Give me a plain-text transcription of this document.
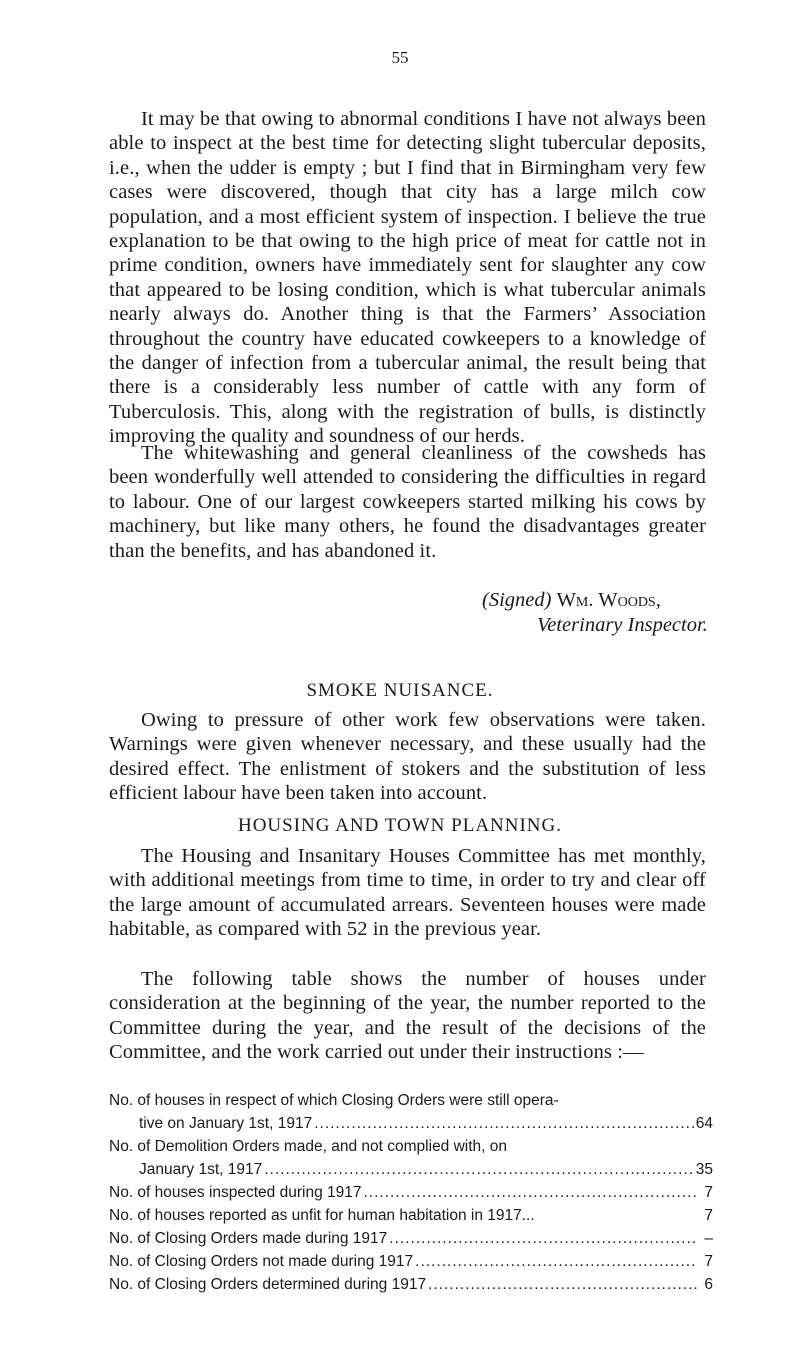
55

It may be that owing to abnormal conditions I have not always been able to inspect at the best time for detecting slight tubercular deposits, i.e., when the udder is empty ; but I find that in Birmingham very few cases were discovered, though that city has a large milch cow population, and a most efficient system of inspection. I believe the true explanation to be that owing to the high price of meat for cattle not in prime condition, owners have immediately sent for slaughter any cow that appeared to be losing condition, which is what tubercular animals nearly always do. Another thing is that the Farmers’ Association throughout the country have educated cowkeepers to a knowledge of the danger of infection from a tubercular animal, the result being that there is a considerably less number of cattle with any form of Tuberculosis. This, along with the registration of bulls, is distinctly improving the quality and soundness of our herds.

The whitewashing and general cleanliness of the cowsheds has been wonderfully well attended to considering the difficulties in regard to labour. One of our largest cowkeepers started milking his cows by machinery, but like many others, he found the disadvantages greater than the benefits, and has abandoned it.

(Signed) Wm. Woods,
Veterinary Inspector.
SMOKE NUISANCE.

Owing to pressure of other work few observations were taken. Warnings were given whenever necessary, and these usually had the desired effect. The enlistment of stokers and the substitution of less efficient labour have been taken into account.

HOUSING AND TOWN PLANNING.

The Housing and Insanitary Houses Committee has met monthly, with additional meetings from time to time, in order to try and clear off the large amount of accumulated arrears. Seventeen houses were made habitable, as compared with 52 in the previous year.

The following table shows the number of houses under consideration at the beginning of the year, the number reported to the Committee during the year, and the result of the decisions of the Committee, and the work carried out under their instructions :—

No. of houses in respect of which Closing Orders were still opera-
tive on January 1st, 1917 .....	64
No. of Demolition Orders made, and not complied with, on
January 1st, 1917 .....	35
No. of houses inspected during 1917 .....	7
No. of houses reported as unfit for human habitation in 1917...	7
No. of Closing Orders made during 1917 .....	–
No. of Closing Orders not made during 1917 .....	7
No. of Closing Orders determined during 1917 .....	6
